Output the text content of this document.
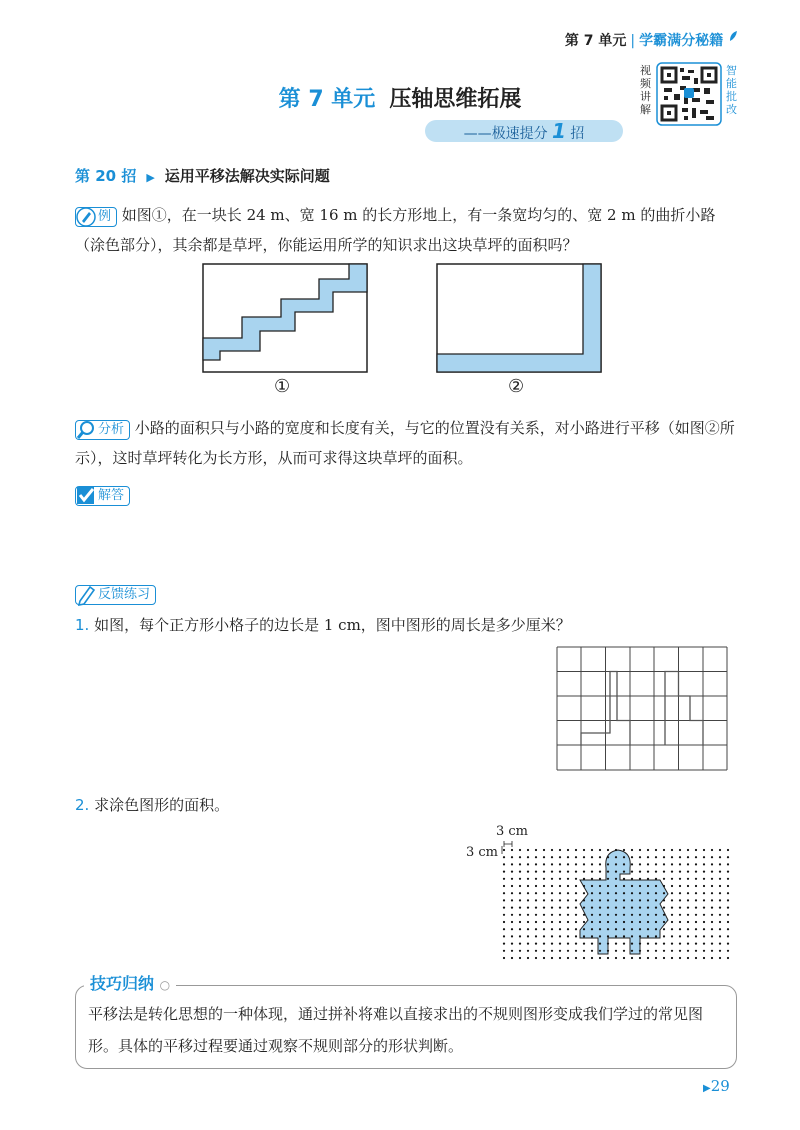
第 7 单元 | 学霸满分秘籍
第 7 单元 压轴思维拓展
——极速提分 1 招
视频讲解
智能批改
第 20 招 ▶ 运用平移法解决实际问题
例 如图①，在一块长 24 m、宽 16 m 的长方形地上，有一条宽均匀的、宽 2 m 的曲折小路（涂色部分），其余都是草坪，你能运用所学的知识求出这块草坪的面积吗？
①	②
分析 小路的面积只与小路的宽度和长度有关，与它的位置没有关系，对小路进行平移（如图②所示），这时草坪转化为长方形，从而可求得这块草坪的面积。
解答
反馈练习
1. 如图，每个正方形小格子的边长是 1 cm，图中图形的周长是多少厘米？
2. 求涂色图形的面积。
3 cm
3 cm
技巧归纳 ○
平移法是转化思想的一种体现，通过拼补将难以直接求出的不规则图形变成我们学过的常见图形。具体的平移过程要通过观察不规则部分的形状判断。
▶29
